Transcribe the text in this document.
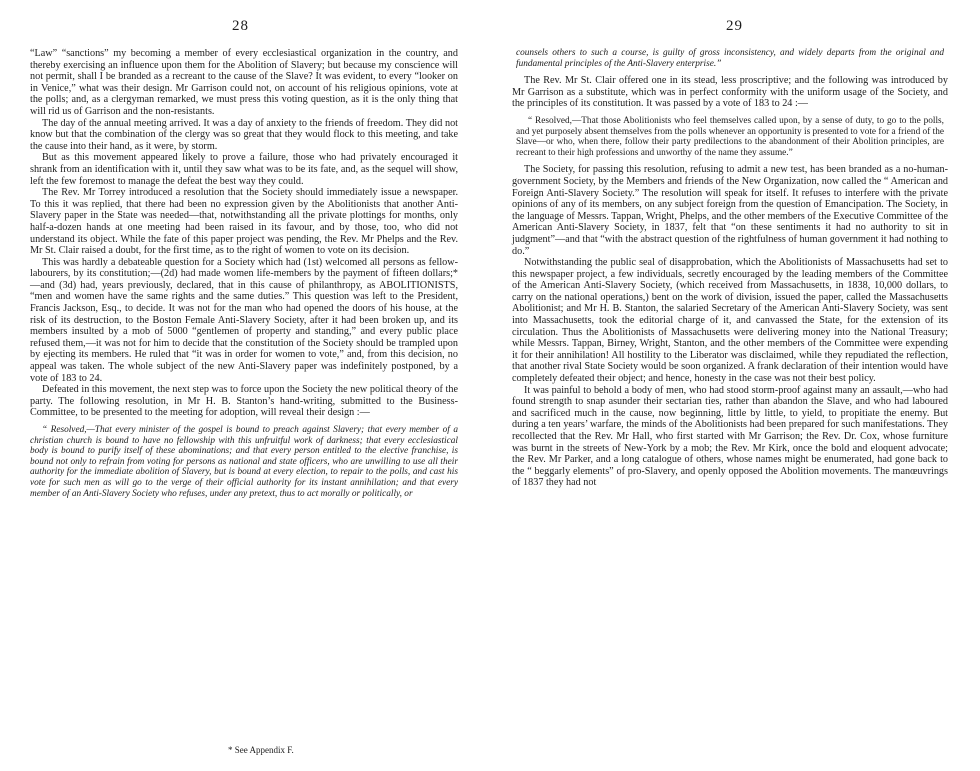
28

“Law” “sanctions” my becoming a member of every ecclesiastical organization in the country, and thereby exercising an influence upon them for the Abolition of Slavery; but because my conscience will not permit, shall I be branded as a recreant to the cause of the Slave? It was evident, to every “looker on in Venice,” what was their design. Mr Garrison could not, on account of his religious opinions, vote at the polls; and, as a clergyman remarked, we must press this voting question, as it is the only thing that will rid us of Garrison and the non-resistants.

The day of the annual meeting arrived. It was a day of anxiety to the friends of freedom. They did not know but that the combination of the clergy was so great that they would flock to this meeting, and take the cause into their hand, as it were, by storm.

But as this movement appeared likely to prove a failure, those who had privately encouraged it shrank from an identification with it, until they saw what was to be its fate, and, as the sequel will show, left the few foremost to manage the defeat the best way they could.

The Rev. Mr Torrey introduced a resolution that the Society should immediately issue a newspaper. To this it was replied, that there had been no expression given by the Abolitionists that another Anti-Slavery paper in the State was needed—that, notwithstanding all the private plottings for months, only half-a-dozen hands at one meeting had been raised in its favour, and by those, too, who did not understand its object. While the fate of this paper project was pending, the Rev. Mr Phelps and the Rev. Mr St. Clair raised a doubt, for the first time, as to the right of women to vote on its decision.

This was hardly a debateable question for a Society which had (1st) welcomed all persons as fellow-labourers, by its constitution;—(2d) had made women life-members by the payment of fifteen dollars;*—and (3d) had, years previously, declared, that in this cause of philanthropy, as ABOLITIONISTS, “men and women have the same rights and the same duties.” This question was left to the President, Francis Jackson, Esq., to decide. It was not for the man who had opened the doors of his house, at the risk of its destruction, to the Boston Female Anti-Slavery Society, after it had been broken up, and its members insulted by a mob of 5000 “gentlemen of property and standing,” and every public place refused them,—it was not for him to decide that the constitution of the Society should be trampled upon by ejecting its members. He ruled that “it was in order for women to vote,” and, from this decision, no appeal was taken. The whole subject of the new Anti-Slavery paper was indefinitely postponed, by a vote of 183 to 24.

Defeated in this movement, the next step was to force upon the Society the new political theory of the party. The following resolution, in Mr H. B. Stanton’s hand-writing, submitted to the Business-Committee, to be presented to the meeting for adoption, will reveal their design :—

“ Resolved,—That every minister of the gospel is bound to preach against Slavery; that every member of a christian church is bound to have no fellowship with this unfruitful work of darkness; that every ecclesiastical body is bound to purify itself of these abominations; and that every person entitled to the elective franchise, is bound not only to refrain from voting for persons as national and state officers, who are unwilling to use all their authority for the immediate abolition of Slavery, but is bound at every election, to repair to the polls, and cast his vote for such men as will go to the verge of their official authority for its instant annihilation; and that every member of an Anti-Slavery Society who refuses, under any pretext, thus to act morally or politically, or

* See Appendix F.
29

counsels others to such a course, is guilty of gross inconsistency, and widely departs from the original and fundamental principles of the Anti-Slavery enterprise.”

The Rev. Mr St. Clair offered one in its stead, less proscriptive; and the following was introduced by Mr Garrison as a substitute, which was in perfect conformity with the uniform usage of the Society, and the principles of its constitution. It was passed by a vote of 183 to 24 :—

“ Resolved,—That those Abolitionists who feel themselves called upon, by a sense of duty, to go to the polls, and yet purposely absent themselves from the polls whenever an opportunity is presented to vote for a friend of the Slave—or who, when there, follow their party predilections to the abandonment of their Abolition principles, are recreant to their high professions and unworthy of the name they assume.”

The Society, for passing this resolution, refusing to admit a new test, has been branded as a no-human-government Society, by the Members and friends of the New Organization, now called the “ American and Foreign Anti-Slavery Society.” The resolution will speak for itself. It refuses to interfere with the private opinions of any of its members, on any subject foreign from the question of Emancipation. The Society, in the language of Messrs. Tappan, Wright, Phelps, and the other members of the Executive Committee of the American Anti-Slavery Society, in 1837, felt that “on these sentiments it had no authority to sit in judgment”—and that “with the abstract question of the rightfulness of human government it had nothing to do.”

Notwithstanding the public seal of disapprobation, which the Abolitionists of Massachusetts had set to this newspaper project, a few individuals, secretly encouraged by the leading members of the Committee of the American Anti-Slavery Society, (which received from Massachusetts, in 1838, 10,000 dollars, to carry on the national operations,) bent on the work of division, issued the paper, called the Massachusetts Abolitionist; and Mr H. B. Stanton, the salaried Secretary of the American Anti-Slavery Society, was sent into Massachusetts, took the editorial charge of it, and canvassed the State, for the extension of its circulation. Thus the Abolitionists of Massachusetts were delivering money into the National Treasury; while Messrs. Tappan, Birney, Wright, Stanton, and the other members of the Committee were expending it for their annihilation! All hostility to the Liberator was disclaimed, while they repudiated the reflection, that another rival State Society would be soon organized. A frank declaration of their intention would have completely defeated their object; and hence, honesty in the case was not their best policy.

It was painful to behold a body of men, who had stood storm-proof against many an assault,—who had found strength to snap asunder their sectarian ties, rather than abandon the Slave, and who had laboured and sacrificed much in the cause, now beginning, little by little, to yield, to propitiate the enemy. But during a ten years’ warfare, the minds of the Abolitionists had been prepared for such manifestations. They recollected that the Rev. Mr Hall, who first started with Mr Garrison; the Rev. Dr. Cox, whose furniture was burnt in the streets of New-York by a mob; the Rev. Mr Kirk, once the bold and eloquent advocate; the Rev. Mr Parker, and a long catalogue of others, whose names might be enumerated, had gone back to the “ beggarly elements” of pro-Slavery, and openly opposed the Abolition movements. The manœuvrings of 1837 they had not
